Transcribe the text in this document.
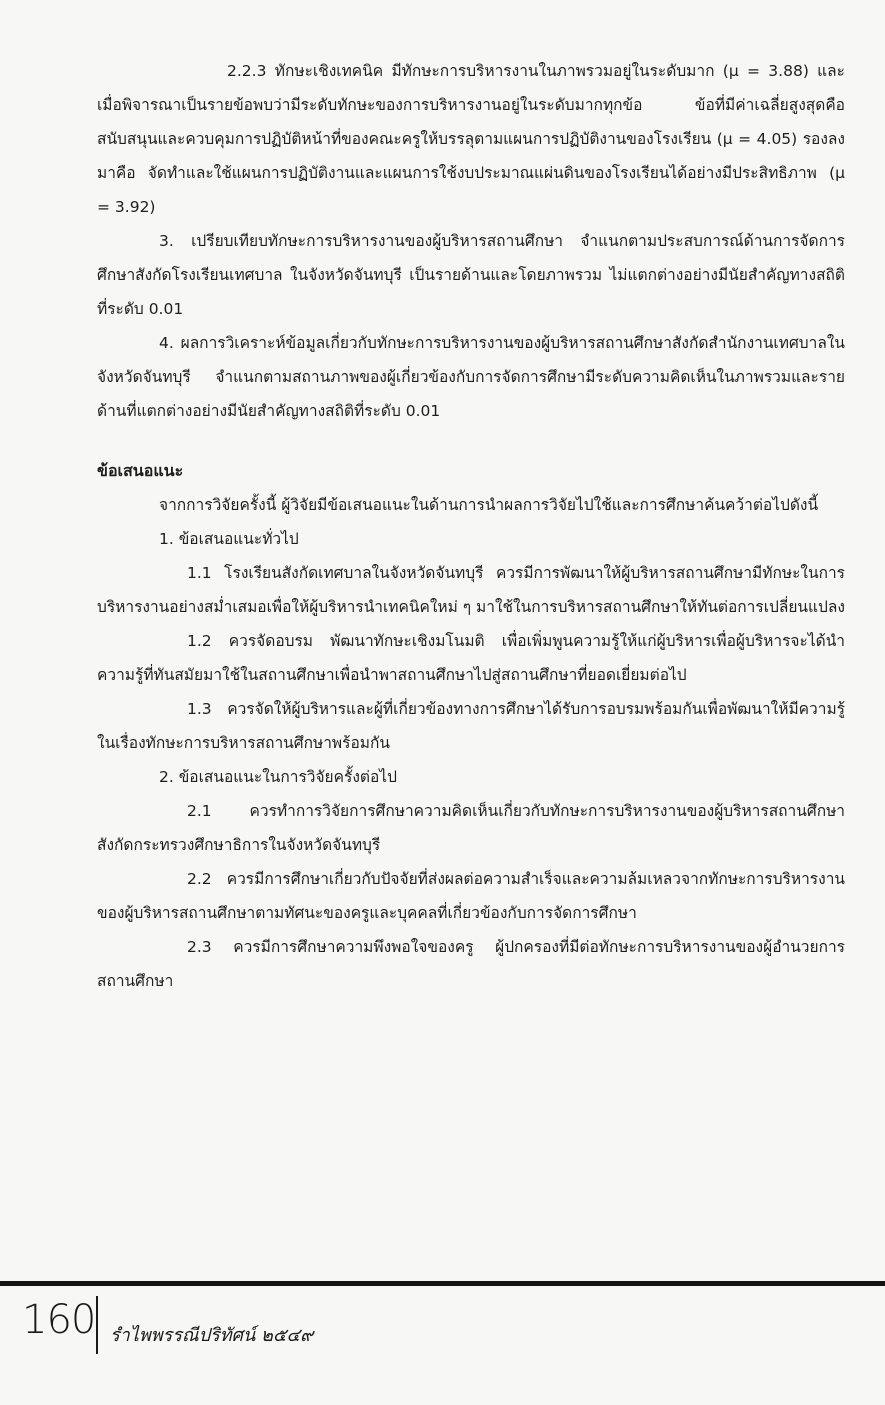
2.2.3 ทักษะเชิงเทคนิค มีทักษะการบริหารงานในภาพรวมอยู่ในระดับมาก (μ = 3.88) และเมื่อพิจารณาเป็นรายข้อพบว่ามีระดับทักษะของการบริหารงานอยู่ในระดับมากทุกข้อ ข้อที่มีค่าเฉลี่ยสูงสุดคือสนับสนุนและควบคุมการปฏิบัติหน้าที่ของคณะครูให้บรรลุตามแผนการปฏิบัติงานของโรงเรียน (μ = 4.05) รองลงมาคือ จัดทำและใช้แผนการปฏิบัติงานและแผนการใช้งบประมาณแผ่นดินของโรงเรียนได้อย่างมีประสิทธิภาพ (μ = 3.92)

3. เปรียบเทียบทักษะการบริหารงานของผู้บริหารสถานศึกษา จำแนกตามประสบการณ์ด้านการจัดการศึกษาสังกัดโรงเรียนเทศบาล ในจังหวัดจันทบุรี เป็นรายด้านและโดยภาพรวม ไม่แตกต่างอย่างมีนัยสำคัญทางสถิติที่ระดับ 0.01

4. ผลการวิเคราะห์ข้อมูลเกี่ยวกับทักษะการบริหารงานของผู้บริหารสถานศึกษาสังกัดสำนักงานเทศบาลในจังหวัดจันทบุรี จำแนกตามสถานภาพของผู้เกี่ยวข้องกับการจัดการศึกษามีระดับความคิดเห็นในภาพรวมและรายด้านที่แตกต่างอย่างมีนัยสำคัญทางสถิติที่ระดับ 0.01

ข้อเสนอแนะ

จากการวิจัยครั้งนี้ ผู้วิจัยมีข้อเสนอแนะในด้านการนำผลการวิจัยไปใช้และการศึกษาค้นคว้าต่อไปดังนี้

1. ข้อเสนอแนะทั่วไป

1.1 โรงเรียนสังกัดเทศบาลในจังหวัดจันทบุรี ควรมีการพัฒนาให้ผู้บริหารสถานศึกษามีทักษะในการบริหารงานอย่างสม่ำเสมอเพื่อให้ผู้บริหารนำเทคนิคใหม่ ๆ มาใช้ในการบริหารสถานศึกษาให้ทันต่อการเปลี่ยนแปลง

1.2 ควรจัดอบรม พัฒนาทักษะเชิงมโนมติ เพื่อเพิ่มพูนความรู้ให้แก่ผู้บริหารเพื่อผู้บริหารจะได้นำความรู้ที่ทันสมัยมาใช้ในสถานศึกษาเพื่อนำพาสถานศึกษาไปสู่สถานศึกษาที่ยอดเยี่ยมต่อไป

1.3 ควรจัดให้ผู้บริหารและผู้ที่เกี่ยวข้องทางการศึกษาได้รับการอบรมพร้อมกันเพื่อพัฒนาให้มีความรู้ในเรื่องทักษะการบริหารสถานศึกษาพร้อมกัน

2. ข้อเสนอแนะในการวิจัยครั้งต่อไป

2.1 ควรทำการวิจัยการศึกษาความคิดเห็นเกี่ยวกับทักษะการบริหารงานของผู้บริหารสถานศึกษาสังกัดกระทรวงศึกษาธิการในจังหวัดจันทบุรี

2.2 ควรมีการศึกษาเกี่ยวกับปัจจัยที่ส่งผลต่อความสำเร็จและความล้มเหลวจากทักษะการบริหารงานของผู้บริหารสถานศึกษาตามทัศนะของครูและบุคคลที่เกี่ยวข้องกับการจัดการศึกษา

2.3 ควรมีการศึกษาความพึงพอใจของครู ผู้ปกครองที่มีต่อทักษะการบริหารงานของผู้อำนวยการสถานศึกษา

160 รำไพพรรณีปริทัศน์ ๒๕๔๙
